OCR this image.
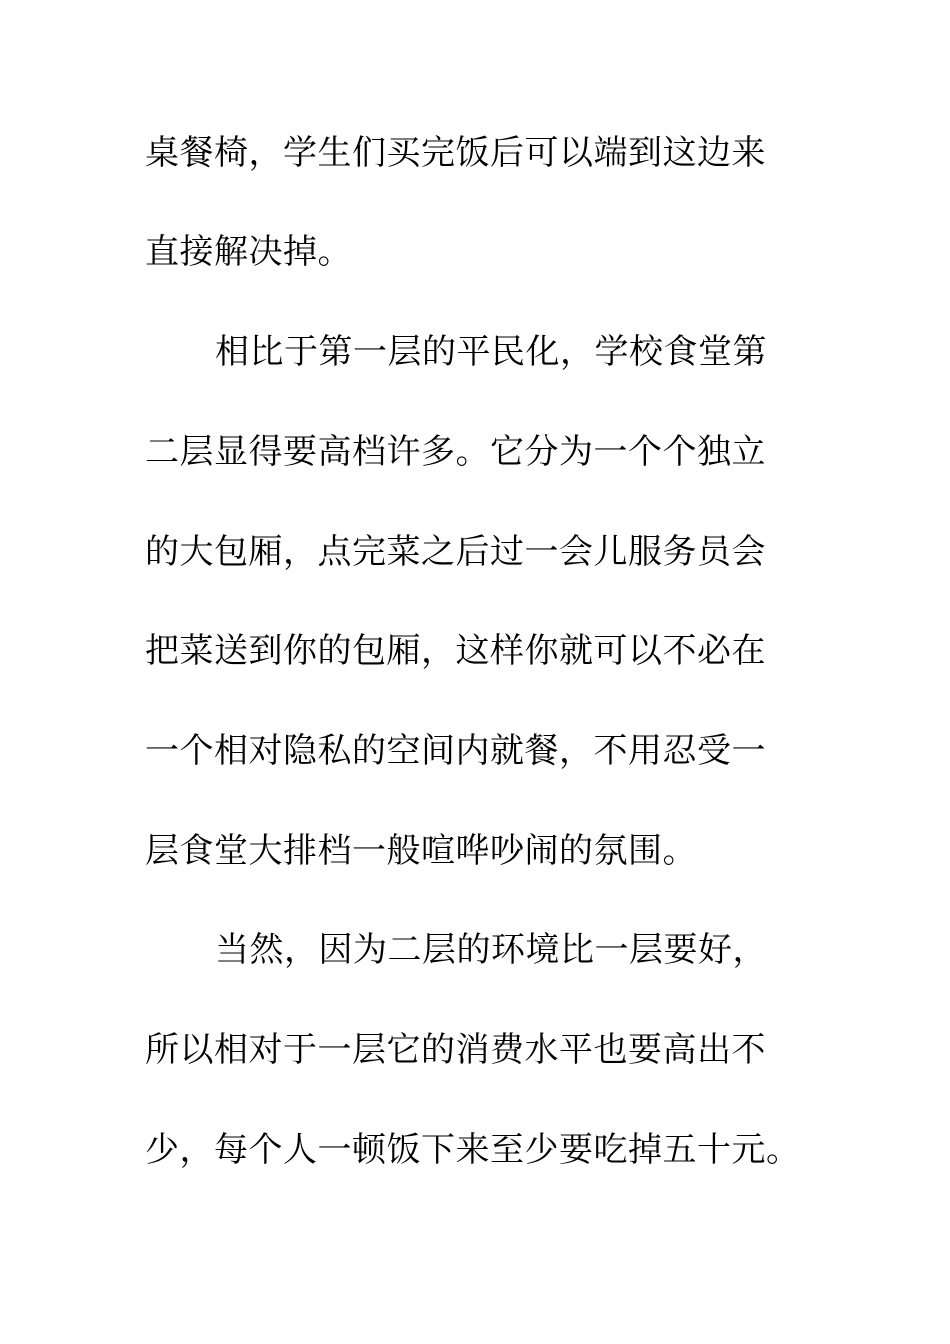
桌餐椅，学生们买完饭后可以端到这边来
直接解决掉。
相比于第一层的平民化，学校食堂第
二层显得要高档许多。它分为一个个独立
的大包厢，点完菜之后过一会儿服务员会
把菜送到你的包厢，这样你就可以不必在
一个相对隐私的空间内就餐，不用忍受一
层食堂大排档一般喧哗吵闹的氛围。
当然，因为二层的环境比一层要好，
所以相对于一层它的消费水平也要高出不
少，每个人一顿饭下来至少要吃掉五十元。
